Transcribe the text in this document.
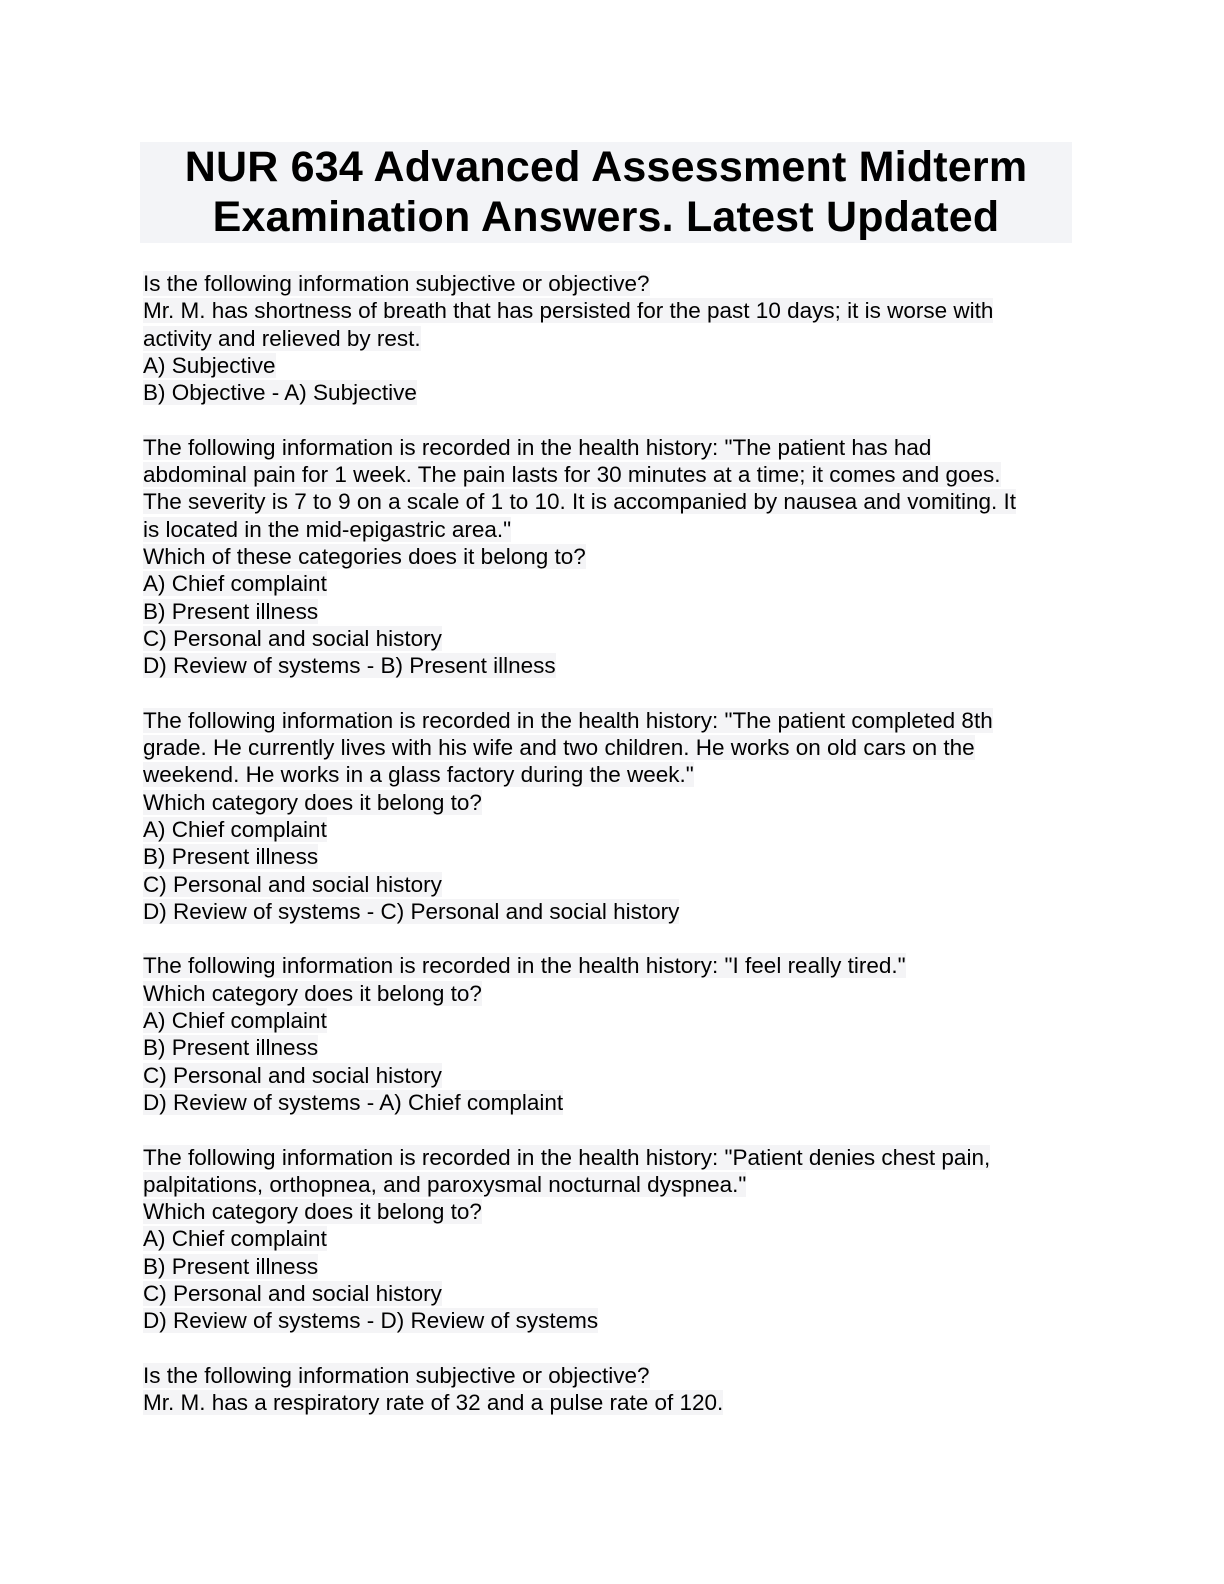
NUR 634 Advanced Assessment Midterm
Examination Answers. Latest Updated
Is the following information subjective or objective?
Mr. M. has shortness of breath that has persisted for the past 10 days; it is worse with
activity and relieved by rest.
A) Subjective
B) Objective - A) Subjective
The following information is recorded in the health history: "The patient has had
abdominal pain for 1 week. The pain lasts for 30 minutes at a time; it comes and goes.
The severity is 7 to 9 on a scale of 1 to 10. It is accompanied by nausea and vomiting. It
is located in the mid-epigastric area."
Which of these categories does it belong to?
A) Chief complaint
B) Present illness
C) Personal and social history
D) Review of systems - B) Present illness
The following information is recorded in the health history: "The patient completed 8th
grade. He currently lives with his wife and two children. He works on old cars on the
weekend. He works in a glass factory during the week."
Which category does it belong to?
A) Chief complaint
B) Present illness
C) Personal and social history
D) Review of systems - C) Personal and social history
The following information is recorded in the health history: "I feel really tired."
Which category does it belong to?
A) Chief complaint
B) Present illness
C) Personal and social history
D) Review of systems - A) Chief complaint
The following information is recorded in the health history: "Patient denies chest pain,
palpitations, orthopnea, and paroxysmal nocturnal dyspnea."
Which category does it belong to?
A) Chief complaint
B) Present illness
C) Personal and social history
D) Review of systems - D) Review of systems
Is the following information subjective or objective?
Mr. M. has a respiratory rate of 32 and a pulse rate of 120.
